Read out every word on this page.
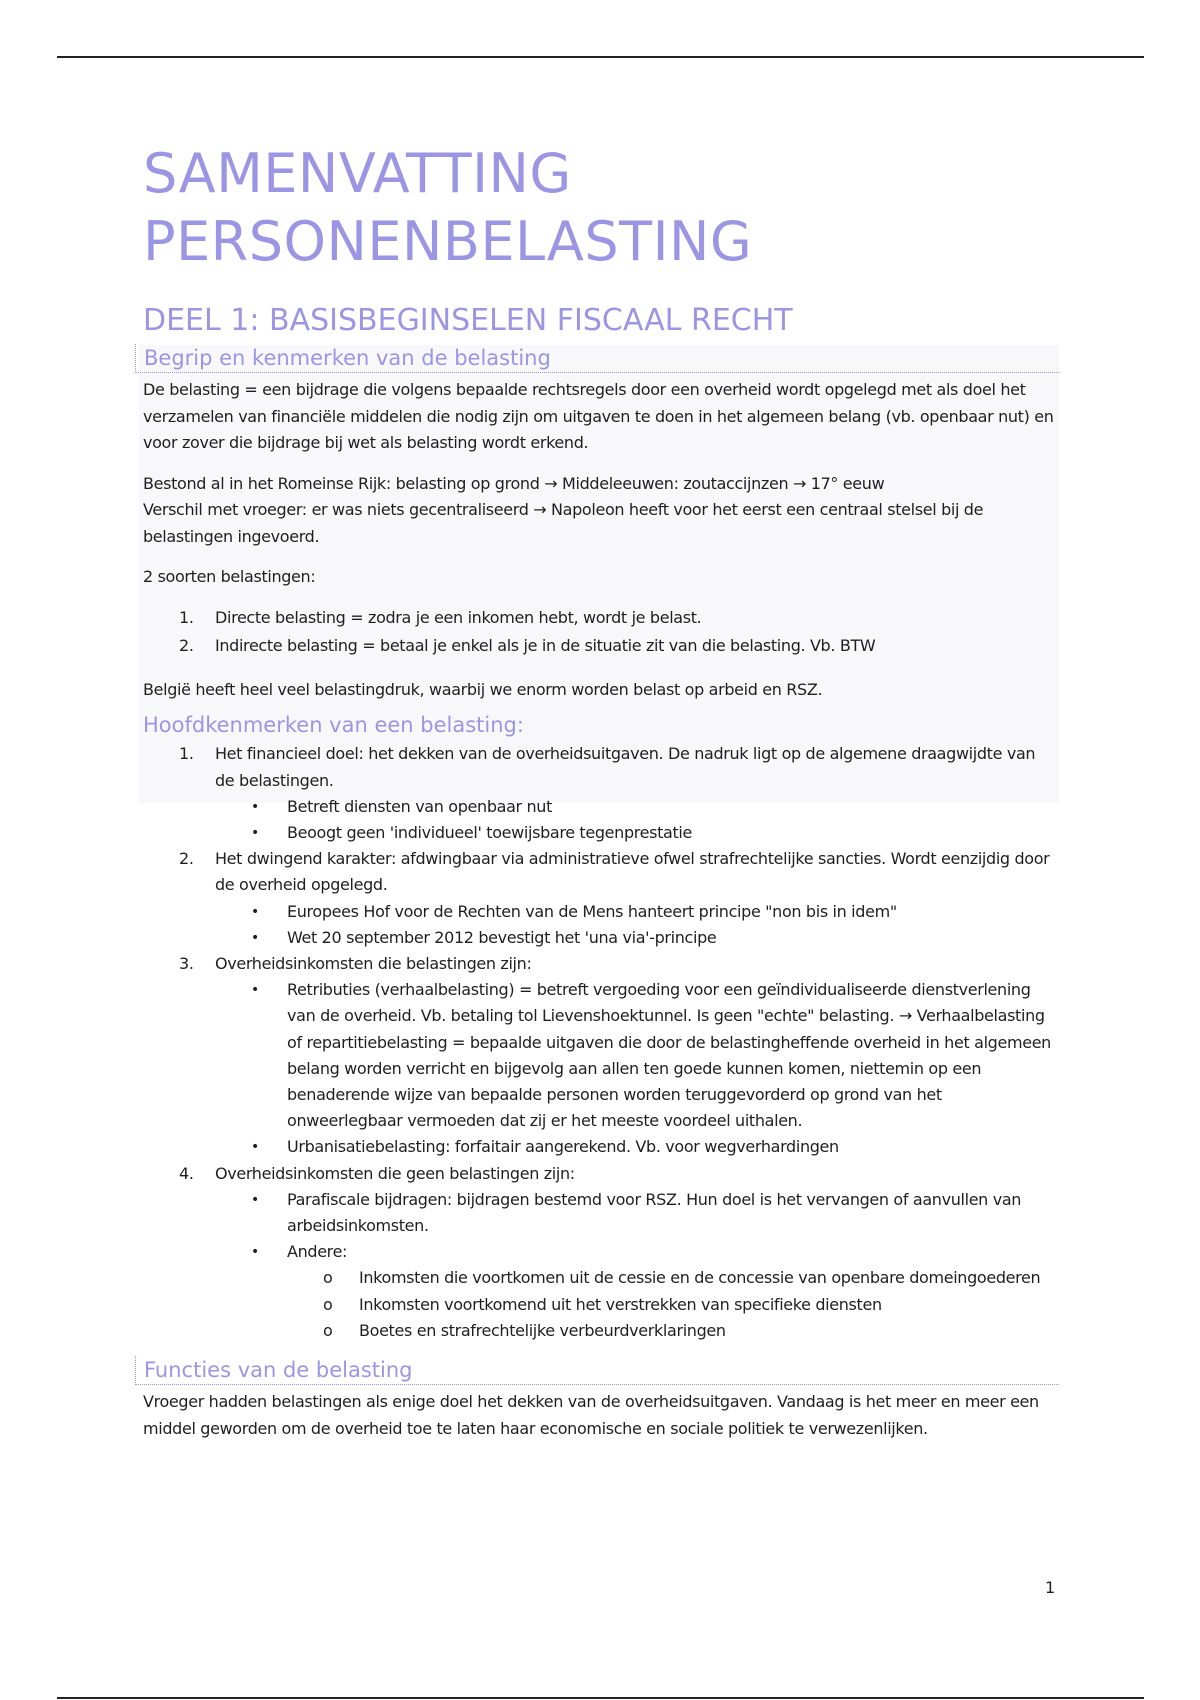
SAMENVATTING
PERSONENBELASTING
DEEL 1: BASISBEGINSELEN FISCAAL RECHT
Begrip en kenmerken van de belasting

De belasting = een bijdrage die volgens bepaalde rechtsregels door een overheid wordt opgelegd met als doel het verzamelen van financiële middelen die nodig zijn om uitgaven te doen in het algemeen belang (vb. openbaar nut) en voor zover die bijdrage bij wet als belasting wordt erkend.

Bestond al in het Romeinse Rijk: belasting op grond → Middeleeuwen: zoutaccijnzen → 17° eeuw
Verschil met vroeger: er was niets gecentraliseerd → Napoleon heeft voor het eerst een centraal stelsel bij de belastingen ingevoerd.

2 soorten belastingen:

1. Directe belasting = zodra je een inkomen hebt, wordt je belast.
2. Indirecte belasting = betaal je enkel als je in de situatie zit van die belasting. Vb. BTW

België heeft heel veel belastingdruk, waarbij we enorm worden belast op arbeid en RSZ.

Hoofdkenmerken van een belasting:
1. Het financieel doel: het dekken van de overheidsuitgaven. De nadruk ligt op de algemene draagwijdte van de belastingen.
• Betreft diensten van openbaar nut
• Beoogt geen 'individueel' toewijsbare tegenprestatie
2. Het dwingend karakter: afdwingbaar via administratieve ofwel strafrechtelijke sancties. Wordt eenzijdig door de overheid opgelegd.
• Europees Hof voor de Rechten van de Mens hanteert principe "non bis in idem"
• Wet 20 september 2012 bevestigt het 'una via'-principe
3. Overheidsinkomsten die belastingen zijn:
• Retributies (verhaalbelasting) = betreft vergoeding voor een geïndividualiseerde dienstverlening van de overheid. Vb. betaling tol Lievenshoektunnel. Is geen "echte" belasting. → Verhaalbelasting of repartitiebelasting = bepaalde uitgaven die door de belastingheffende overheid in het algemeen belang worden verricht en bijgevolg aan allen ten goede kunnen komen, niettemin op een benaderende wijze van bepaalde personen worden teruggevorderd op grond van het onweerlegbaar vermoeden dat zij er het meeste voordeel uithalen.
• Urbanisatiebelasting: forfaitair aangerekend. Vb. voor wegverhardingen
4. Overheidsinkomsten die geen belastingen zijn:
• Parafiscale bijdragen: bijdragen bestemd voor RSZ. Hun doel is het vervangen of aanvullen van arbeidsinkomsten.
• Andere:
o Inkomsten die voortkomen uit de cessie en de concessie van openbare domeingoederen
o Inkomsten voortkomend uit het verstrekken van specifieke diensten
o Boetes en strafrechtelijke verbeurdverklaringen
Functies van de belasting

Vroeger hadden belastingen als enige doel het dekken van de overheidsuitgaven. Vandaag is het meer en meer een middel geworden om de overheid toe te laten haar economische en sociale politiek te verwezenlijken.

1
